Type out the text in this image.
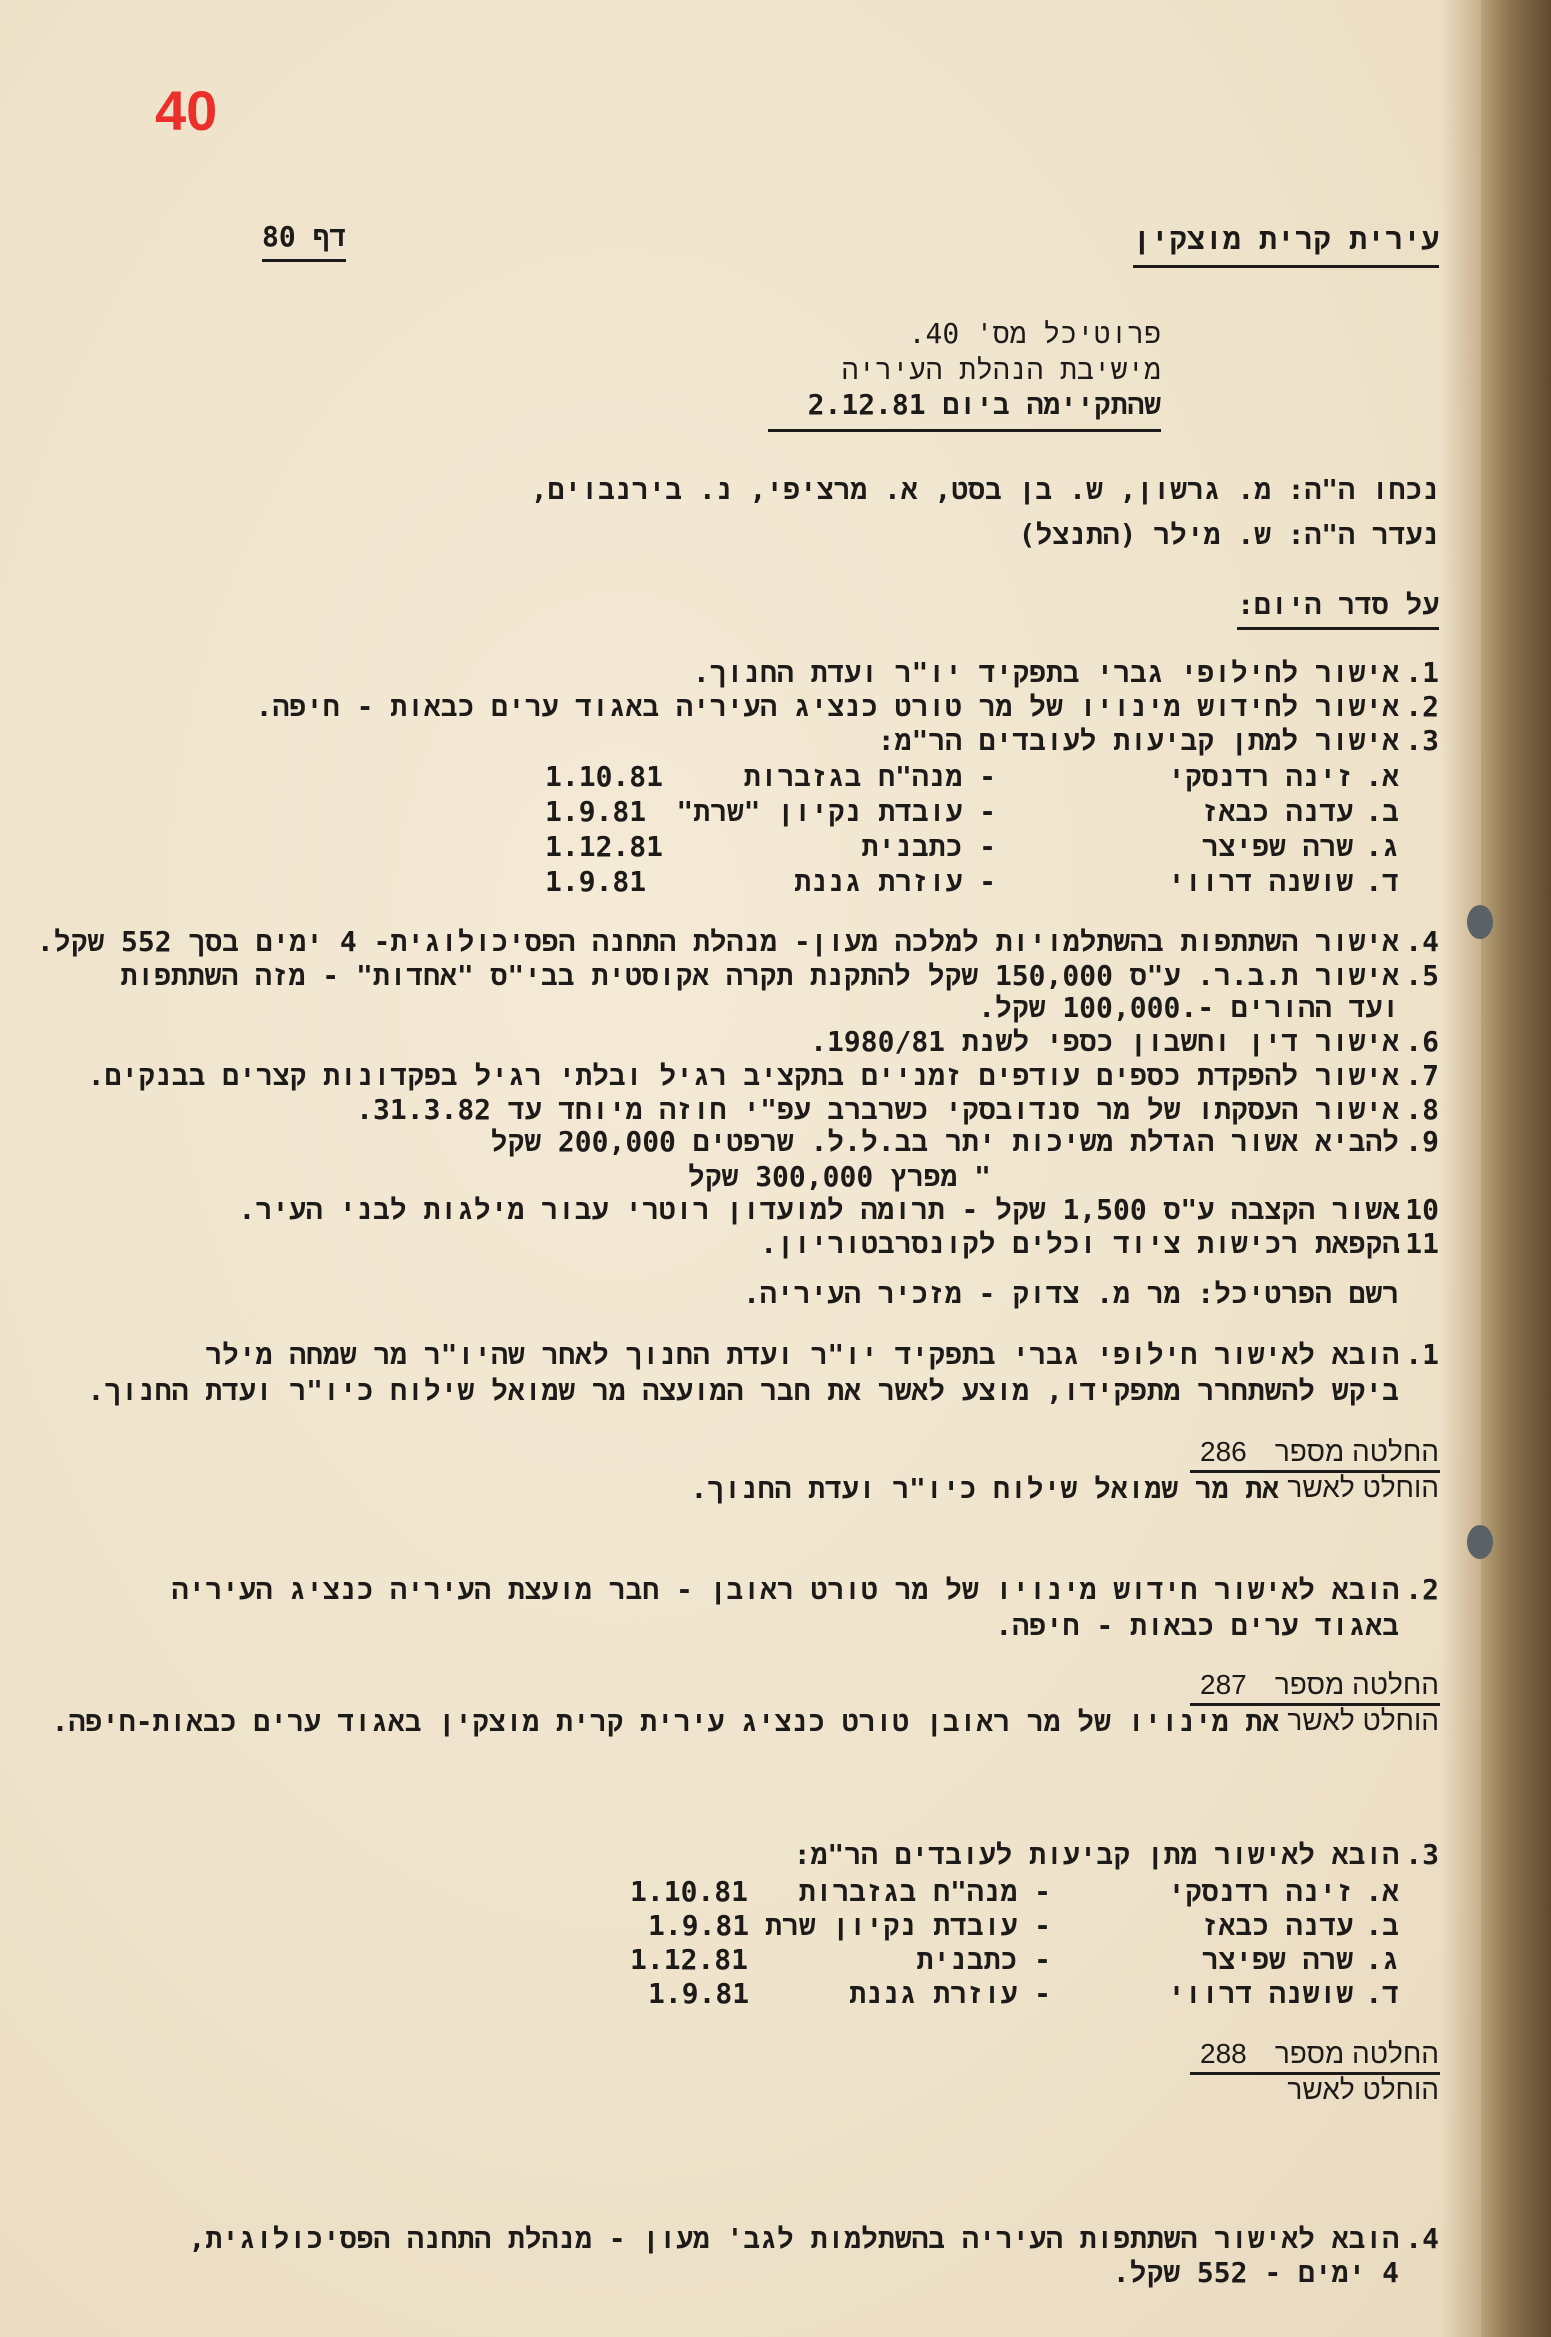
40
עירית קרית מוצקין
דף 80
פרוטיכל מס' 40.
מישיבת הנהלת העיריה
שהתקיימה ביום 2.12.81
נכחו ה"ה:
מ. גרשון, ש. בן בסט, א. מרציפי, נ. בירנבוים,
נעדר ה"ה:
ש. מילר (התנצל)
על סדר היום:
.1
אישור לחילופי גברי בתפקיד יו"ר ועדת החנוך.
.2
אישור לחידוש מינויו של מר טורט כנציג העיריה באגוד ערים כבאות - חיפה.
.3
אישור למתן קביעות לעובדים הר"מ:
א.
זינה רדנסקי
- מנה"ח בגזברות
1.10.81
ב.
עדנה כבאז
- עובדת נקיון "שרת"
1.9.81
ג.
שרה שפיצר
- כתבנית
1.12.81
ד.
שושנה דרווי
- עוזרת גננת
1.9.81
.4
אישור השתתפות בהשתלמויות למלכה מעון- מנהלת התחנה הפסיכולוגית- 4 ימים בסך 552 שקל.
.5
אישור ת.ב.ר. ע"ס 150,000 שקל להתקנת תקרה אקוסטית בבי"ס "אחדות" - מזה השתתפות
ועד ההורים -.100,000 שקל.
.6
אישור דין וחשבון כספי לשנת 1980/81.
.7
אישור להפקדת כספים עודפים זמניים בתקציב רגיל ובלתי רגיל בפקדונות קצרים בבנקים.
.8
אישור העסקתו של מר סנדובסקי כשרברב עפ"י חוזה מיוחד עד 31.3.82.
.9
להביא אשור הגדלת משיכות יתר בב.ל.ל. שרפטים 200,000 שקל
" מפרץ 300,000 שקל
.10
אשור הקצבה ע"ס 1,500 שקל - תרומה למועדון רוטרי עבור מילגות לבני העיר.
.11
הקפאת רכישות ציוד וכלים לקונסרבטוריון.
רשם הפרטיכל: מר מ. צדוק - מזכיר העיריה.
.1
הובא לאישור חילופי גברי בתפקיד יו"ר ועדת החנוך לאחר שהיו"ר מר שמחה מילר
ביקש להשתחרר מתפקידו, מוצע לאשר את חבר המועצה מר שמואל שילוח כיו"ר ועדת החנוך.
החלטה מספר
286
הוחלט לאשר
את מר שמואל שילוח כיו"ר ועדת החנוך.
.2
הובא לאישור חידוש מינויו של מר טורט ראובן - חבר מועצת העיריה כנציג העיריה
באגוד ערים כבאות - חיפה.
החלטה מספר
287
הוחלט לאשר
את מינויו של מר ראובן טורט כנציג עירית קרית מוצקין באגוד ערים כבאות-חיפה.
.3
הובא לאישור מתן קביעות לעובדים הר"מ:
א.
זינה רדנסקי
- מנה"ח בגזברות
1.10.81
ב.
עדנה כבאז
- עובדת נקיון שרת
1.9.81
ג.
שרה שפיצר
- כתבנית
1.12.81
ד.
שושנה דרווי
- עוזרת גננת
1.9.81
החלטה מספר
288
הוחלט לאשר
.4
הובא לאישור השתתפות העיריה בהשתלמות לגב' מעון - מנהלת התחנה הפסיכולוגית,
4 ימים - 552 שקל.
